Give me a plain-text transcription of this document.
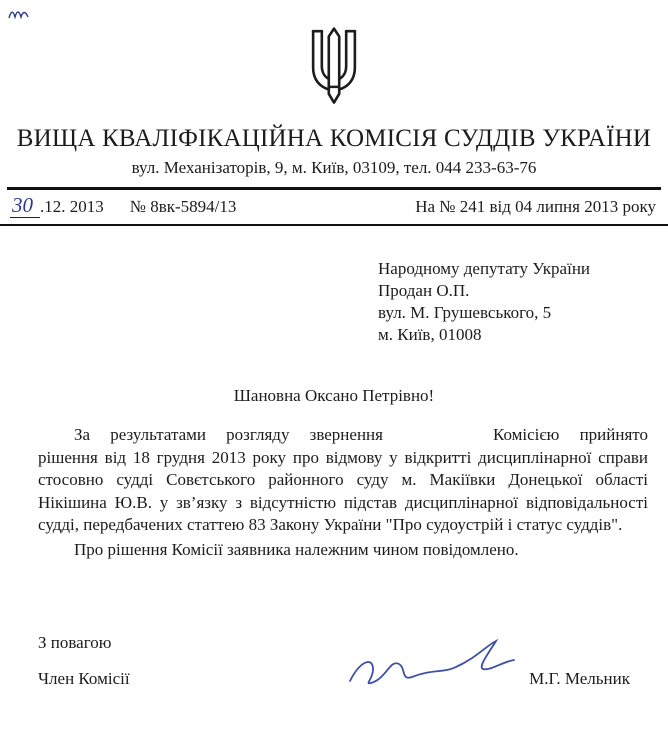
ВИЩА КВАЛІФІКАЦІЙНА КОМІСІЯ СУДДІВ УКРАЇНИ
вул. Механізаторів, 9, м. Київ, 03109, тел. 044 233-63-76
30 .12. 2013 № 8вк-5894/13	На № 241 від 04 липня 2013 року
Народному депутату України
Продан О.П.
вул. М. Грушевського, 5
м. Київ, 01008
Шановна Оксано Петрівно!

За результатами розгляду звернення	Комісією прийнято рішення від 18 грудня 2013 року про відмову у відкритті дисциплінарної справи стосовно судді Совєтського районного суду м. Макіївки Донецької області Нікішина Ю.В. у зв’язку з відсутністю підстав дисциплінарної відповідальності судді, передбачених статтею 83 Закону України "Про судоустрій і статус суддів".

Про рішення Комісії заявника належним чином повідомлено.

З повагою
Член Комісії	М.Г. Мельник
